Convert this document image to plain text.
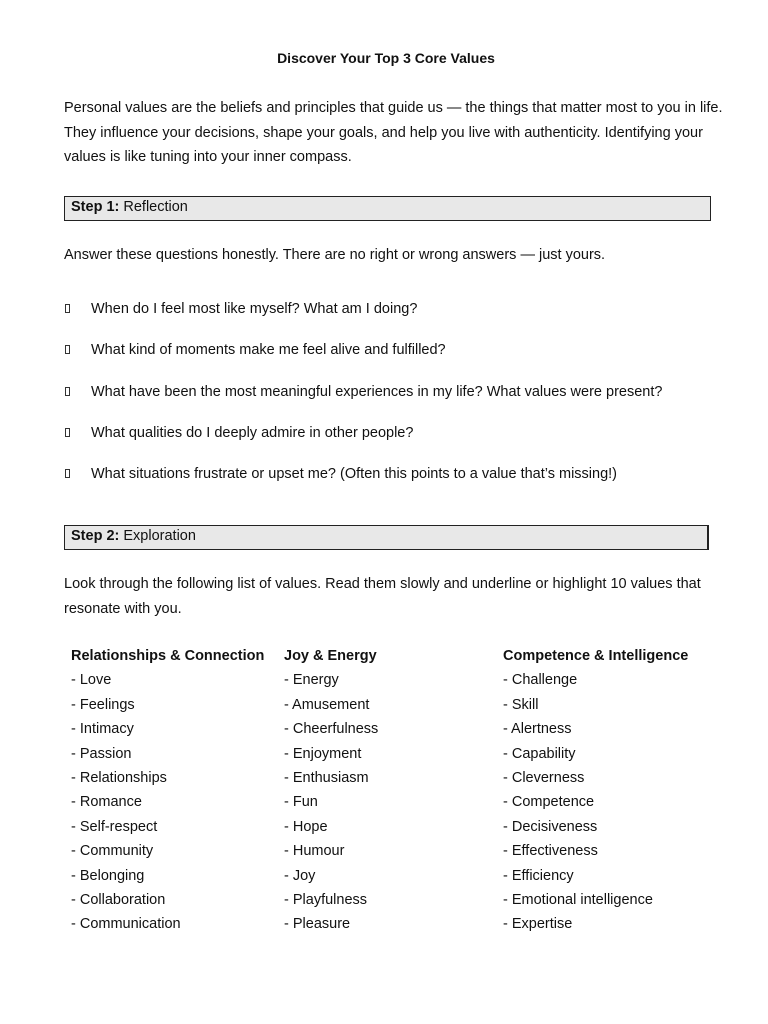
Discover Your Top 3 Core Values
Personal values are the beliefs and principles that guide us — the things that matter most to you in life. They influence your decisions, shape your goals, and help you live with authenticity. Identifying your values is like tuning into your inner compass.
Step 1: Reflection
Answer these questions honestly. There are no right or wrong answers — just yours.
When do I feel most like myself? What am I doing?
What kind of moments make me feel alive and fulfilled?
What have been the most meaningful experiences in my life? What values were present?
What qualities do I deeply admire in other people?
What situations frustrate or upset me? (Often this points to a value that’s missing!)
Step 2: Exploration
Look through the following list of values. Read them slowly and underline or highlight 10 values that resonate with you.
Relationships & Connection
- Love
- Feelings
- Intimacy
- Passion
- Relationships
- Romance
- Self-respect
- Community
- Belonging
- Collaboration
- Communication
Joy & Energy
- Energy
- Amusement
- Cheerfulness
- Enjoyment
- Enthusiasm
- Fun
- Hope
- Humour
- Joy
- Playfulness
- Pleasure
Competence & Intelligence
- Challenge
- Skill
- Alertness
- Capability
- Cleverness
- Competence
- Decisiveness
- Effectiveness
- Efficiency
- Emotional intelligence
- Expertise
